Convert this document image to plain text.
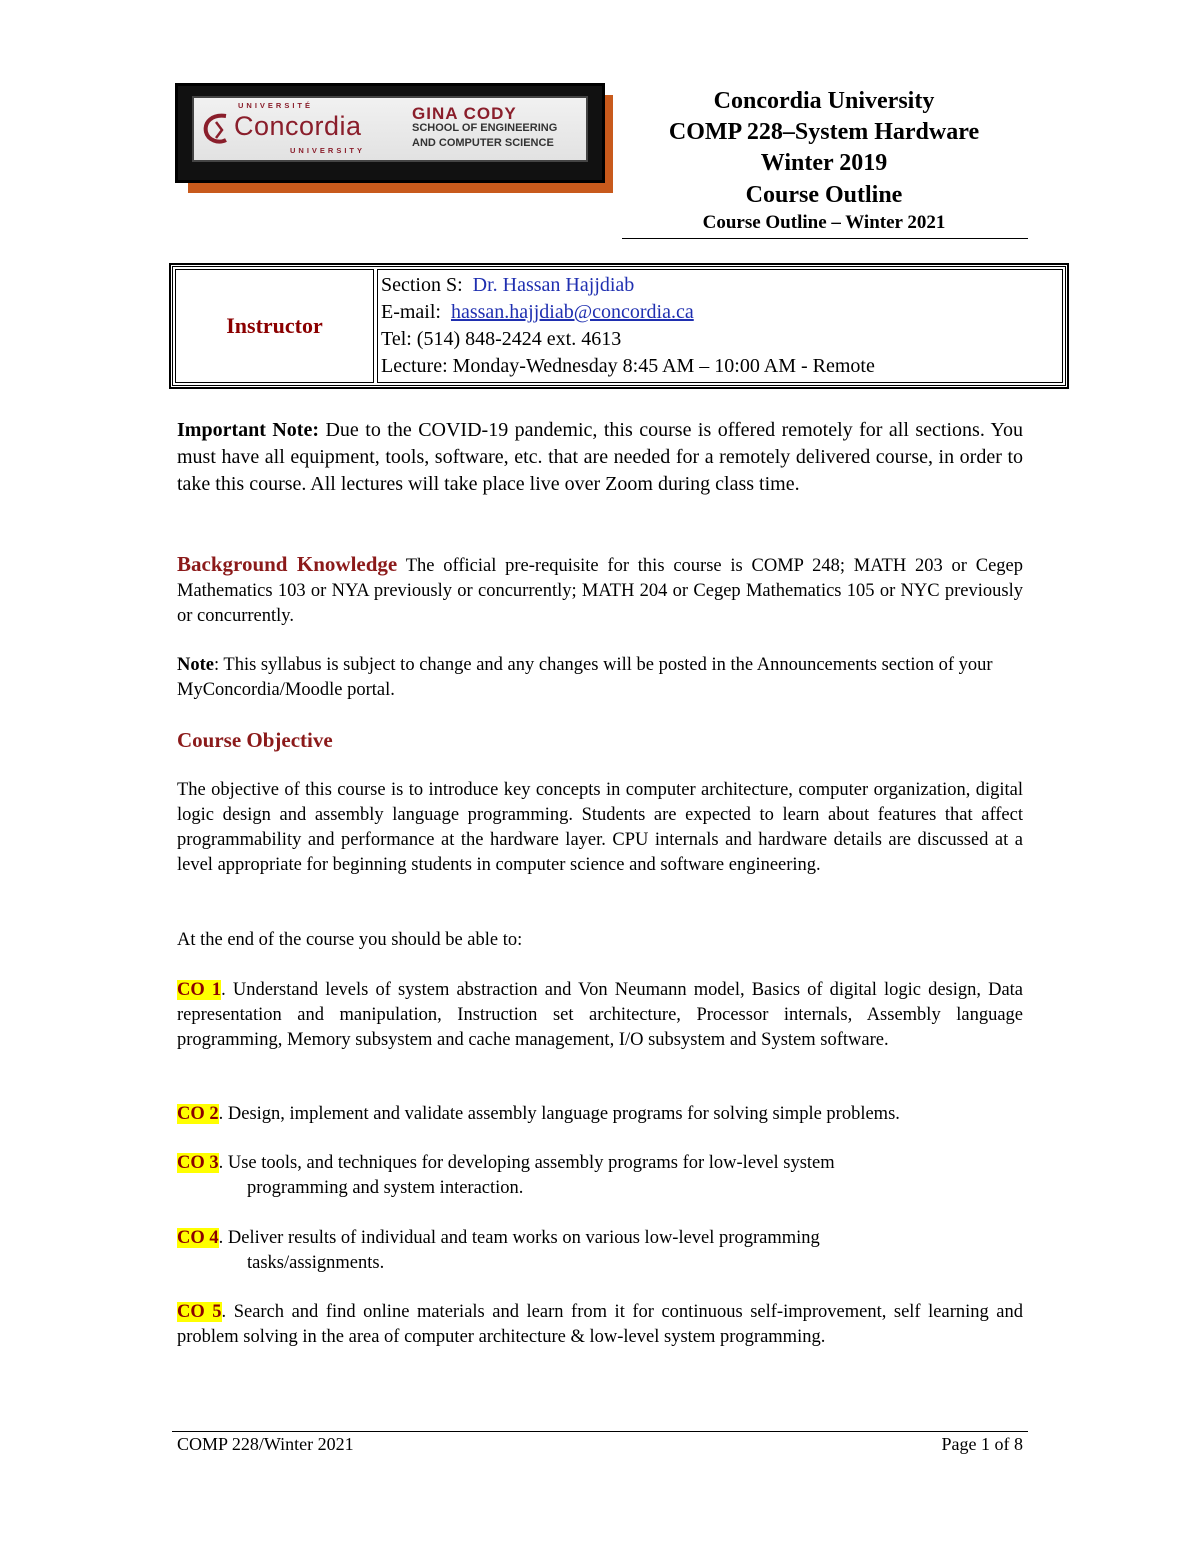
UNIVERSITÉ
Concordia
UNIVERSITY
GINA CODY
SCHOOL OF ENGINEERING
AND COMPUTER SCIENCE
Concordia University
COMP 228–System Hardware
Winter 2019
Course Outline
Course Outline – Winter 2021
Instructor
Section S: Dr. Hassan Hajjdiab
E-mail: hassan.hajjdiab@concordia.ca
Tel: (514) 848-2424 ext. 4613
Lecture: Monday-Wednesday 8:45 AM – 10:00 AM - Remote
Important Note: Due to the COVID-19 pandemic, this course is offered remotely for all sections. You must have all equipment, tools, software, etc. that are needed for a remotely delivered course, in order to take this course. All lectures will take place live over Zoom during class time.
Background Knowledge The official pre-requisite for this course is COMP 248; MATH 203 or Cegep Mathematics 103 or NYA previously or concurrently; MATH 204 or Cegep Mathematics 105 or NYC previously or concurrently.
Note: This syllabus is subject to change and any changes will be posted in the Announcements section of your MyConcordia/Moodle portal.
Course Objective
The objective of this course is to introduce key concepts in computer architecture, computer organization, digital logic design and assembly language programming. Students are expected to learn about features that affect programmability and performance at the hardware layer. CPU internals and hardware details are discussed at a level appropriate for beginning students in computer science and software engineering.
At the end of the course you should be able to:
CO 1. Understand levels of system abstraction and Von Neumann model, Basics of digital logic design, Data representation and manipulation, Instruction set architecture, Processor internals, Assembly language programming, Memory subsystem and cache management, I/O subsystem and System software.
CO 2. Design, implement and validate assembly language programs for solving simple problems.
CO 3. Use tools, and techniques for developing assembly programs for low-level system
programming and system interaction.
CO 4. Deliver results of individual and team works on various low-level programming
tasks/assignments.
CO 5. Search and find online materials and learn from it for continuous self-improvement, self learning and problem solving in the area of computer architecture & low-level system programming.
COMP 228/Winter 2021	Page 1 of 8
